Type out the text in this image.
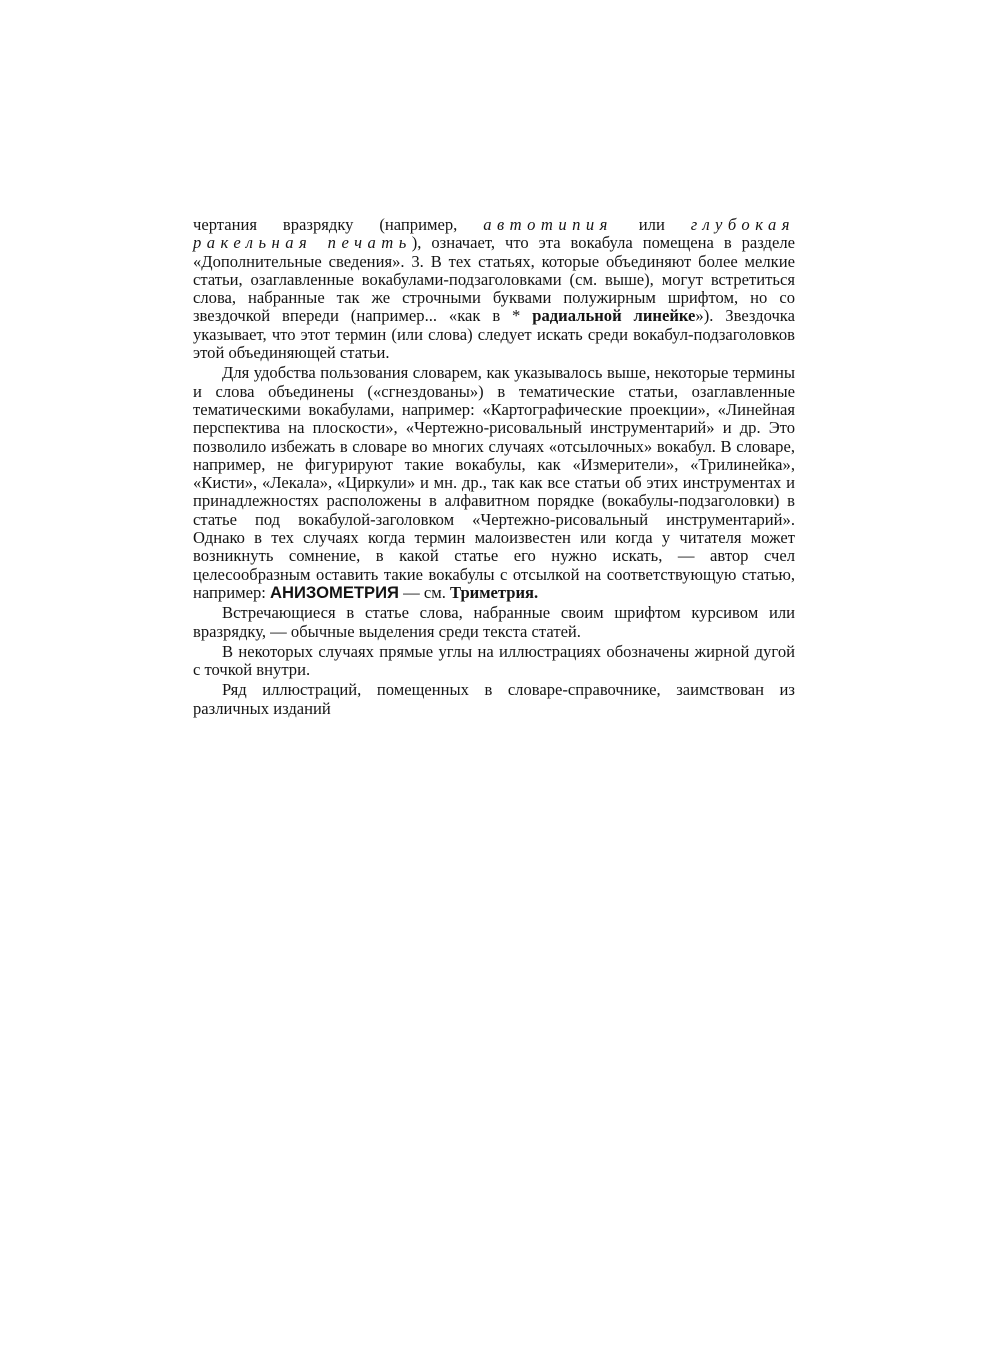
чертания вразрядку (например, автотипия или глубокая ракельная печать), означает, что эта вокабула помещена в разделе «Дополнительные сведения». 3. В тех статьях, которые объединяют более мелкие статьи, озаглавленные вокабулами-подзаголовками (см. выше), могут встретиться слова, набранные так же строчными буквами полужирным шрифтом, но со звездочкой впереди (например... «как в * радиальной линейке»). Звездочка указывает, что этот термин (или слова) следует искать среди вокабул-подзаголовков этой объединяющей статьи.

Для удобства пользования словарем, как указывалось выше, некоторые термины и слова объединены («сгнездованы») в тематические статьи, озаглавленные тематическими вокабулами, например: «Картографические проекции», «Линейная перспектива на плоскости», «Чертежно-рисовальный инструментарий» и др. Это позволило избежать в словаре во многих случаях «отсылочных» вокабул. В словаре, например, не фигурируют такие вокабулы, как «Измерители», «Трилинейка», «Кисти», «Лекала», «Циркули» и мн. др., так как все статьи об этих инструментах и принадлежностях расположены в алфавитном порядке (вокабулы-подзаголовки) в статье под вокабулой-заголовком «Чертежно-рисовальный инструментарий». Однако в тех случаях когда термин малоизвестен или когда у читателя может возникнуть сомнение, в какой статье его нужно искать, — автор счел целесообразным оставить такие вокабулы с отсылкой на соответствующую статью, например: АНИЗОМЕТРИЯ — см. Триметрия.

Встречающиеся в статье слова, набранные своим шрифтом курсивом или вразрядку, — обычные выделения среди текста статей.

В некоторых случаях прямые углы на иллюстрациях обозначены жирной дугой с точкой внутри.

Ряд иллюстраций, помещенных в словаре-справочнике, заимствован из различных изданий
